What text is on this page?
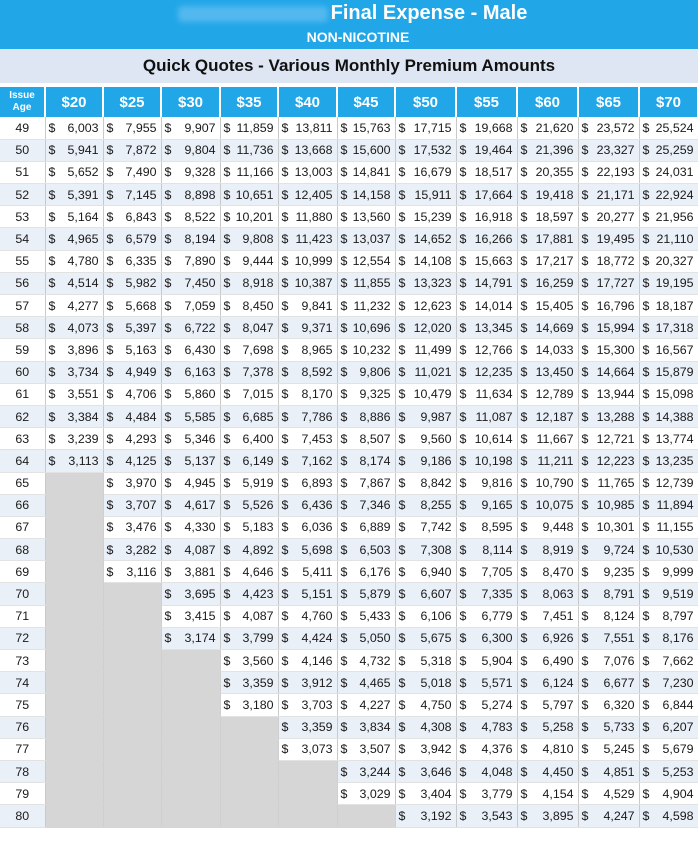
Final Expense - Male
NON-NICOTINE
Quick Quotes - Various Monthly Premium Amounts
Issue
Age	$20	$25	$30	$35	$40	$45	$50	$55	$60	$65	$70
49	$ 6,003	$ 7,955	$ 9,907	$ 11,859	$ 13,811	$ 15,763	$ 17,715	$ 19,668	$ 21,620	$ 23,572	$ 25,524

50	$ 5,941	$ 7,872	$ 9,804	$ 11,736	$ 13,668	$ 15,600	$ 17,532	$ 19,464	$ 21,396	$ 23,327	$ 25,259

51	$ 5,652	$ 7,490	$ 9,328	$ 11,166	$ 13,003	$ 14,841	$ 16,679	$ 18,517	$ 20,355	$ 22,193	$ 24,031

52	$ 5,391	$ 7,145	$ 8,898	$ 10,651	$ 12,405	$ 14,158	$ 15,911	$ 17,664	$ 19,418	$ 21,171	$ 22,924

53	$ 5,164	$ 6,843	$ 8,522	$ 10,201	$ 11,880	$ 13,560	$ 15,239	$ 16,918	$ 18,597	$ 20,277	$ 21,956

54	$ 4,965	$ 6,579	$ 8,194	$ 9,808	$ 11,423	$ 13,037	$ 14,652	$ 16,266	$ 17,881	$ 19,495	$ 21,110

55	$ 4,780	$ 6,335	$ 7,890	$ 9,444	$ 10,999	$ 12,554	$ 14,108	$ 15,663	$ 17,217	$ 18,772	$ 20,327

56	$ 4,514	$ 5,982	$ 7,450	$ 8,918	$ 10,387	$ 11,855	$ 13,323	$ 14,791	$ 16,259	$ 17,727	$ 19,195

57	$ 4,277	$ 5,668	$ 7,059	$ 8,450	$ 9,841	$ 11,232	$ 12,623	$ 14,014	$ 15,405	$ 16,796	$ 18,187

58	$ 4,073	$ 5,397	$ 6,722	$ 8,047	$ 9,371	$ 10,696	$ 12,020	$ 13,345	$ 14,669	$ 15,994	$ 17,318

59	$ 3,896	$ 5,163	$ 6,430	$ 7,698	$ 8,965	$ 10,232	$ 11,499	$ 12,766	$ 14,033	$ 15,300	$ 16,567

60	$ 3,734	$ 4,949	$ 6,163	$ 7,378	$ 8,592	$ 9,806	$ 11,021	$ 12,235	$ 13,450	$ 14,664	$ 15,879

61	$ 3,551	$ 4,706	$ 5,860	$ 7,015	$ 8,170	$ 9,325	$ 10,479	$ 11,634	$ 12,789	$ 13,944	$ 15,098

62	$ 3,384	$ 4,484	$ 5,585	$ 6,685	$ 7,786	$ 8,886	$ 9,987	$ 11,087	$ 12,187	$ 13,288	$ 14,388

63	$ 3,239	$ 4,293	$ 5,346	$ 6,400	$ 7,453	$ 8,507	$ 9,560	$ 10,614	$ 11,667	$ 12,721	$ 13,774

64	$ 3,113	$ 4,125	$ 5,137	$ 6,149	$ 7,162	$ 8,174	$ 9,186	$ 10,198	$ 11,211	$ 12,223	$ 13,235

65		$ 3,970	$ 4,945	$ 5,919	$ 6,893	$ 7,867	$ 8,842	$ 9,816	$ 10,790	$ 11,765	$ 12,739

66		$ 3,707	$ 4,617	$ 5,526	$ 6,436	$ 7,346	$ 8,255	$ 9,165	$ 10,075	$ 10,985	$ 11,894

67		$ 3,476	$ 4,330	$ 5,183	$ 6,036	$ 6,889	$ 7,742	$ 8,595	$ 9,448	$ 10,301	$ 11,155

68		$ 3,282	$ 4,087	$ 4,892	$ 5,698	$ 6,503	$ 7,308	$ 8,114	$ 8,919	$ 9,724	$ 10,530

69		$ 3,116	$ 3,881	$ 4,646	$ 5,411	$ 6,176	$ 6,940	$ 7,705	$ 8,470	$ 9,235	$ 9,999

70			$ 3,695	$ 4,423	$ 5,151	$ 5,879	$ 6,607	$ 7,335	$ 8,063	$ 8,791	$ 9,519

71			$ 3,415	$ 4,087	$ 4,760	$ 5,433	$ 6,106	$ 6,779	$ 7,451	$ 8,124	$ 8,797

72			$ 3,174	$ 3,799	$ 4,424	$ 5,050	$ 5,675	$ 6,300	$ 6,926	$ 7,551	$ 8,176

73				$ 3,560	$ 4,146	$ 4,732	$ 5,318	$ 5,904	$ 6,490	$ 7,076	$ 7,662

74				$ 3,359	$ 3,912	$ 4,465	$ 5,018	$ 5,571	$ 6,124	$ 6,677	$ 7,230

75				$ 3,180	$ 3,703	$ 4,227	$ 4,750	$ 5,274	$ 5,797	$ 6,320	$ 6,844

76					$ 3,359	$ 3,834	$ 4,308	$ 4,783	$ 5,258	$ 5,733	$ 6,207

77					$ 3,073	$ 3,507	$ 3,942	$ 4,376	$ 4,810	$ 5,245	$ 5,679

78						$ 3,244	$ 3,646	$ 4,048	$ 4,450	$ 4,851	$ 5,253

79						$ 3,029	$ 3,404	$ 3,779	$ 4,154	$ 4,529	$ 4,904

80							$ 3,192	$ 3,543	$ 3,895	$ 4,247	$ 4,598
